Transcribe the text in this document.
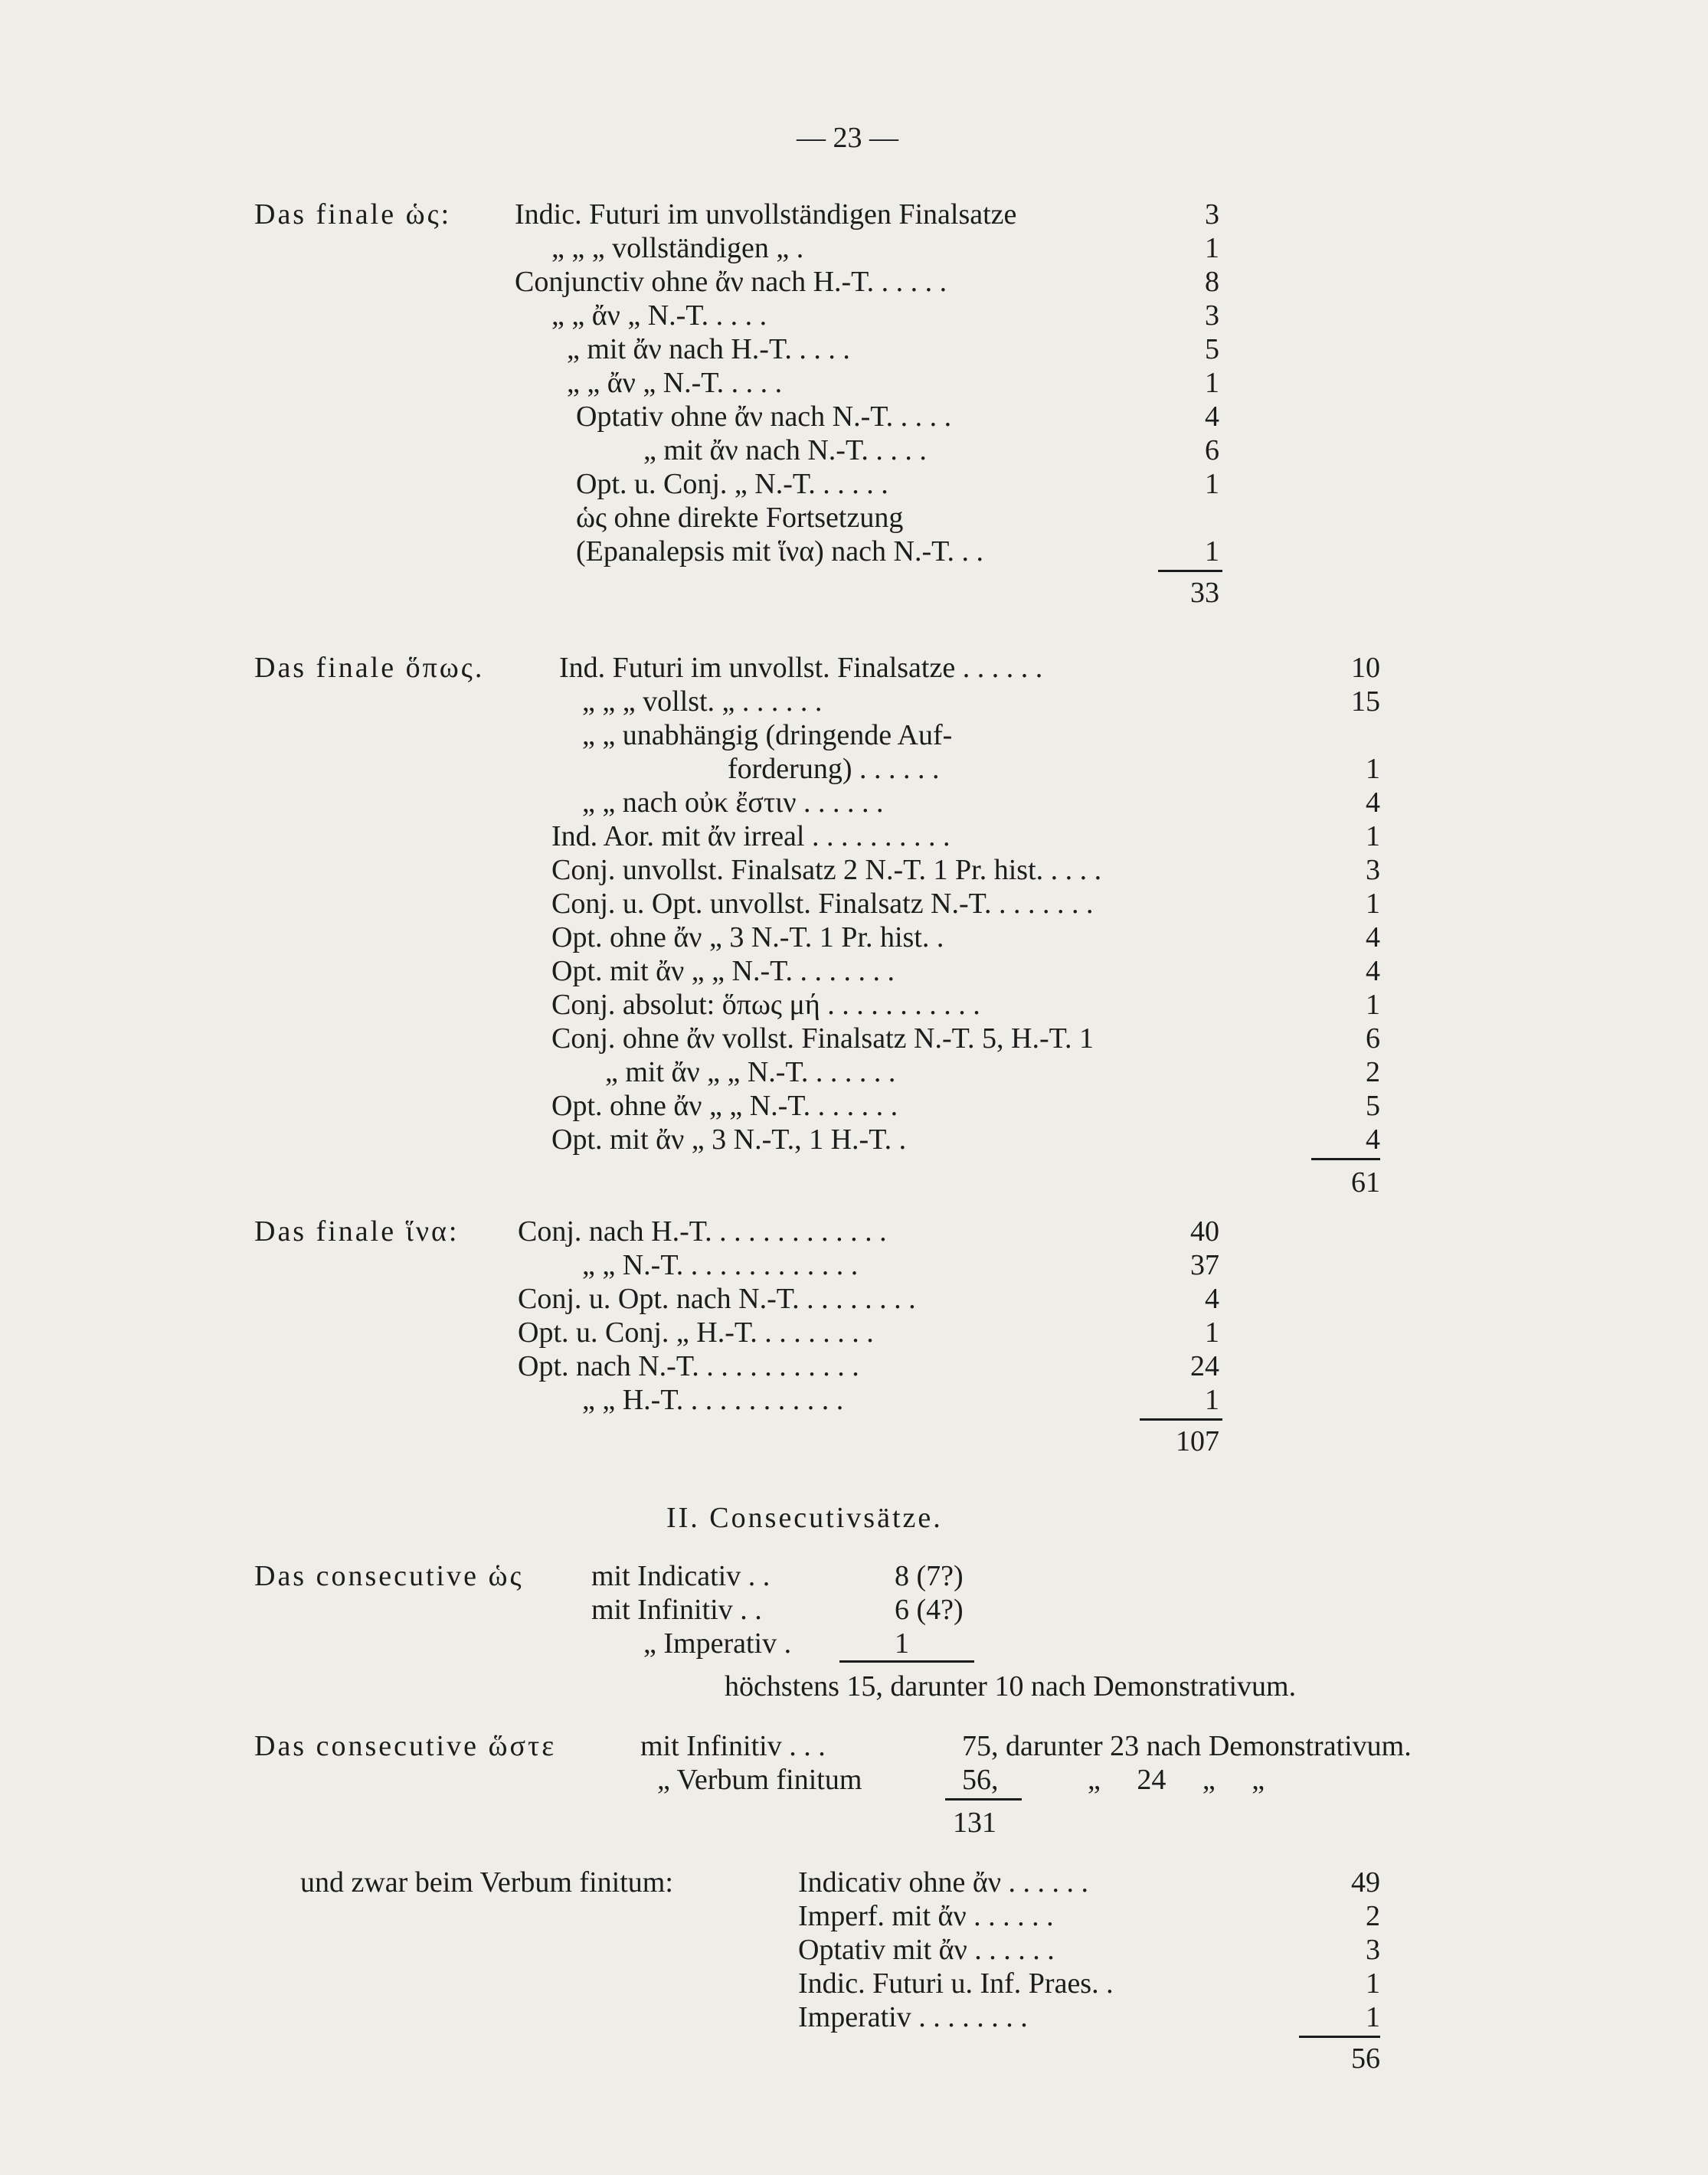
— 23 —
Das finale ὡς: Indic. Futuri im unvollständigen Finalsatze	3
„ „ „ vollständigen „ .	1
Conjunctiv ohne ἄν nach H.-T. . . . . .	8
„ „ ἄν „ N.-T. . . . .	3
„ mit ἄν nach H.-T. . . . .	5
„ „ ἄν „ N.-T. . . . .	1
Optativ ohne ἄν nach N.-T. . . . .	4
„ mit ἄν nach N.-T. . . . .	6
Opt. u. Conj. „ N.-T. . . . . .	1
ὡς ohne direkte Fortsetzung
(Epanalepsis mit ἵνα) nach N.-T. . .	1
33
Das finale ὅπως.	Ind. Futuri im unvollst. Finalsatze . . . . . .	10
„ „ „ vollst. „ . . . . . .	15
„ „ unabhängig (dringende Auf-
forderung) . . . . . .	1
„ „ nach οὐκ ἔστιν . . . . . .	4
Ind. Aor. mit ἄν irreal . . . . . . . . . .	1
Conj. unvollst. Finalsatz 2 N.-T. 1 Pr. hist. . . . .	3
Conj. u. Opt. unvollst. Finalsatz N.-T. . . . . . . .	1
Opt. ohne ἄν „ 3 N.-T. 1 Pr. hist. .	4
Opt. mit ἄν „ „ N.-T. . . . . . . .	4
Conj. absolut: ὅπως μή . . . . . . . . . . .	1
Conj. ohne ἄν vollst. Finalsatz N.-T. 5, H.-T. 1	6
„ mit ἄν „ „ N.-T. . . . . . .	2
Opt. ohne ἄν „ „ N.-T. . . . . . .	5
Opt. mit ἄν „ 3 N.-T., 1 H.-T. .	4
61
Das finale ἵνα: Conj. nach H.-T. . . . . . . . . . . . .	40
„ „ N.-T. . . . . . . . . . . . .	37
Conj. u. Opt. nach N.-T. . . . . . . . .	4
Opt. u. Conj. „ H.-T. . . . . . . . .	1
Opt. nach N.-T. . . . . . . . . . . .	24
„ „ H.-T. . . . . . . . . . . .	1
107
II. Consecutivsätze.
Das consecutive ὡς mit Indicativ . .	8 (7?)
mit Infinitiv . .	6 (4?)
„ Imperativ .	1
höchstens 15, darunter 10 nach Demonstrativum.
Das consecutive ὥστε	mit Infinitiv . . .	75, darunter 23 nach Demonstrativum.
„ Verbum finitum	56,	„     24     „     „
131
und zwar beim Verbum finitum:	Indicativ ohne ἄν . . . . . .	49
Imperf. mit ἄν . . . . . .	2
Optativ mit ἄν . . . . . .	3
Indic. Futuri u. Inf. Praes. .	1
Imperativ . . . . . . . .	1
56
